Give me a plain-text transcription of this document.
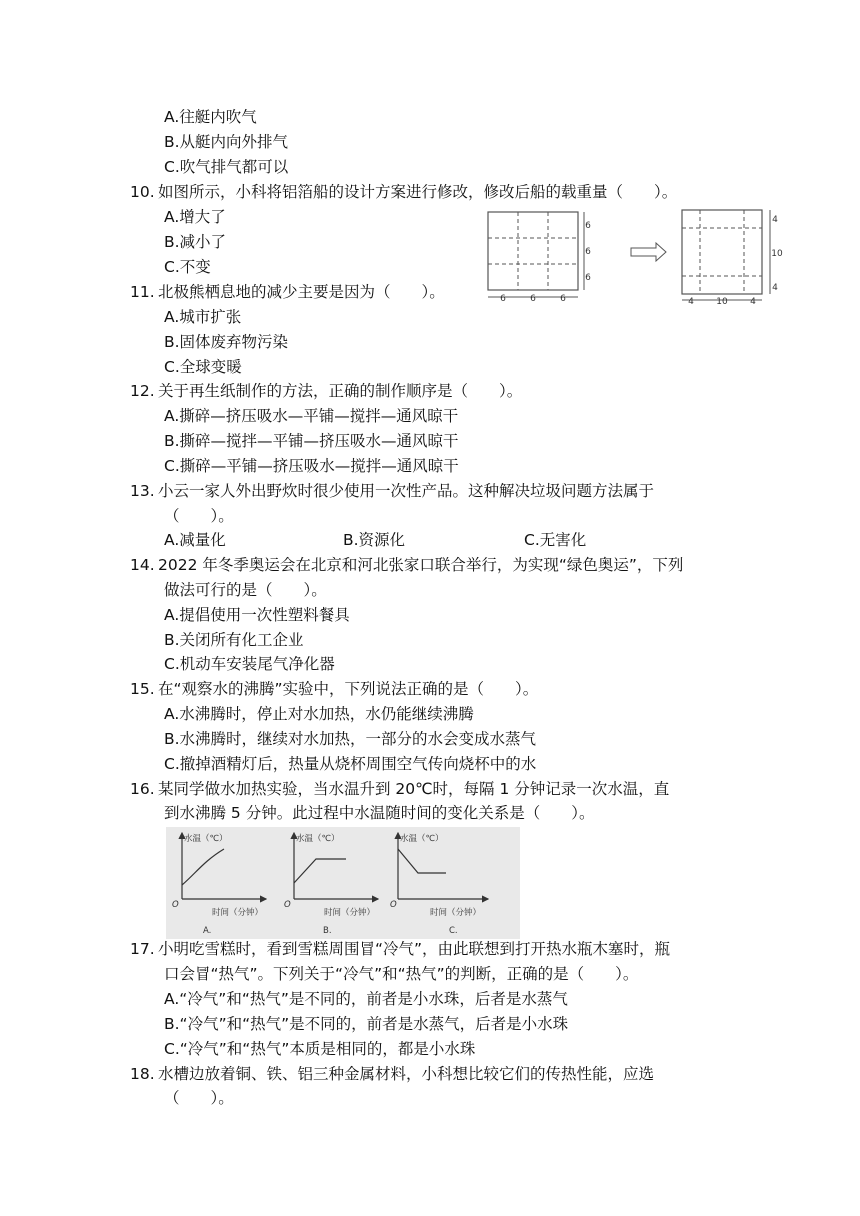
A.往艇内吹气
B.从艇内向外排气
C.吹气排气都可以
10. 如图所示，小科将铝箔船的设计方案进行修改，修改后船的载重量（　　）。
A.增大了
B.减小了
C.不变
6
6
6
6	6	6
4
10
4
4 10 4
11. 北极熊栖息地的减少主要是因为（　　）。
A.城市扩张
B.固体废弃物污染
C.全球变暖
12. 关于再生纸制作的方法，正确的制作顺序是（　　）。
A.撕碎—挤压吸水—平铺—搅拌—通风晾干
B.撕碎—搅拌—平铺—挤压吸水—通风晾干
C.撕碎—平铺—挤压吸水—搅拌—通风晾干
13. 小云一家人外出野炊时很少使用一次性产品。这种解决垃圾问题方法属于
（　　）。
A.减量化	B.资源化	C.无害化
14. 2022 年冬季奥运会在北京和河北张家口联合举行，为实现“绿色奥运”，下列
做法可行的是（　　）。
A.提倡使用一次性塑料餐具
B.关闭所有化工企业
C.机动车安装尾气净化器
15. 在“观察水的沸腾”实验中，下列说法正确的是（　　）。
A.水沸腾时，停止对水加热，水仍能继续沸腾
B.水沸腾时，继续对水加热，一部分的水会变成水蒸气
C.撤掉酒精灯后，热量从烧杯周围空气传向烧杯中的水
16. 某同学做水加热实验，当水温升到 20℃时，每隔 1 分钟记录一次水温，直
到水沸腾 5 分钟。此过程中水温随时间的变化关系是（　　）。
水温（℃）
O
时间（分钟）
A.
水温（℃）
O
时间（分钟）
B.
水温（℃）
O
时间（分钟）
C.
17. 小明吃雪糕时，看到雪糕周围冒“冷气”，由此联想到打开热水瓶木塞时，瓶
口会冒“热气”。下列关于“冷气”和“热气”的判断，正确的是（　　）。
A.“冷气”和“热气”是不同的，前者是小水珠，后者是水蒸气
B.“冷气”和“热气”是不同的，前者是水蒸气，后者是小水珠
C.“冷气”和“热气”本质是相同的，都是小水珠
18. 水槽边放着铜、铁、铝三种金属材料，小科想比较它们的传热性能，应选
（　　）。
